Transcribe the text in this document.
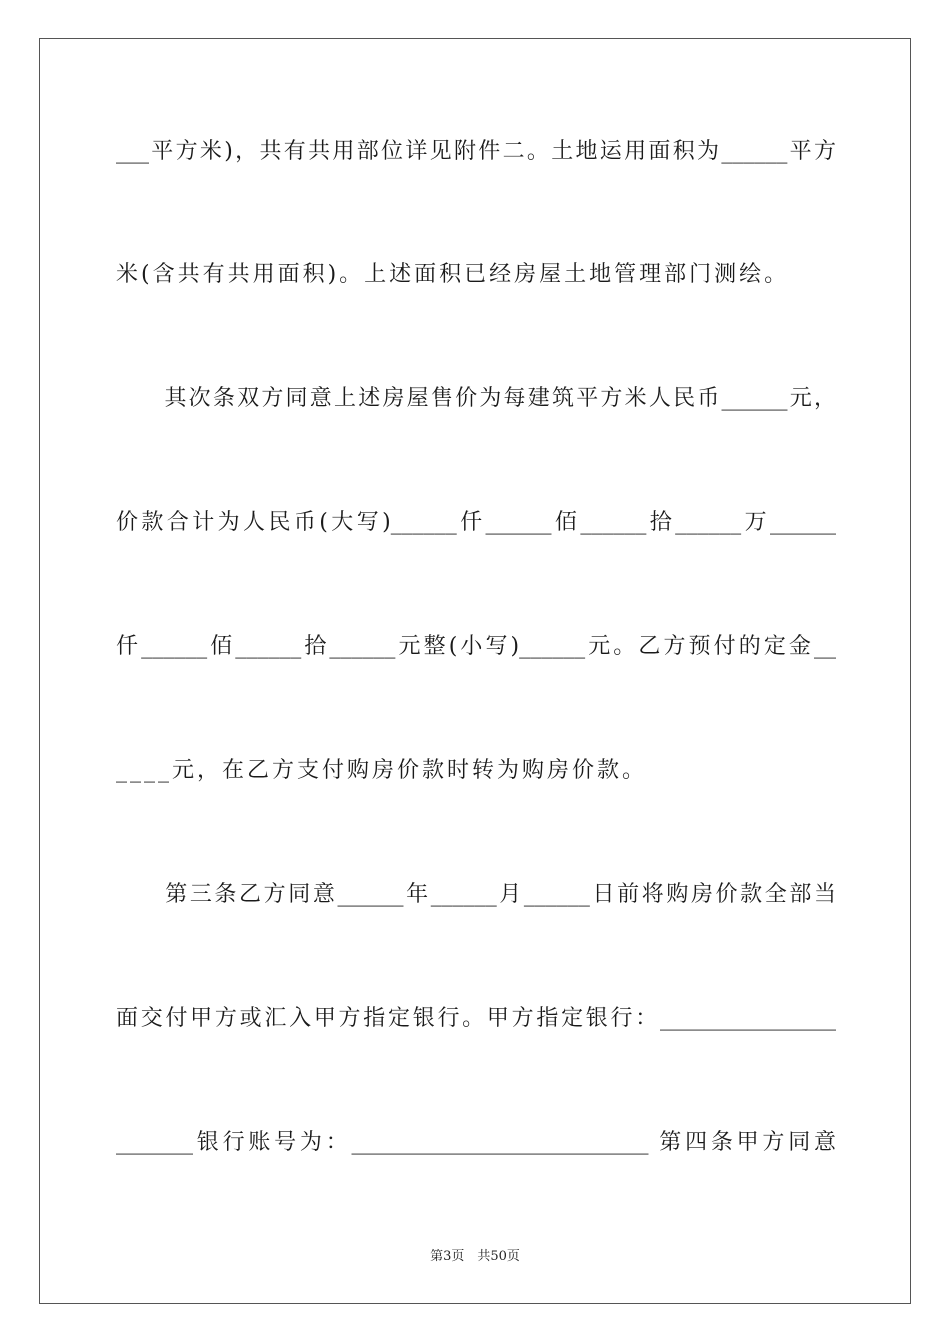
___平方米)，共有共用部位详见附件二。土地运用面积为______平方
米(含共有共用面积)。上述面积已经房屋土地管理部门测绘。
　　其次条双方同意上述房屋售价为每建筑平方米人民币______元，
价款合计为人民币(大写)______仟______佰______拾______万______
仟______佰______拾______元整(小写)______元。乙方预付的定金__
____元，在乙方支付购房价款时转为购房价款。
　　第三条乙方同意______年______月______日前将购房价款全部当
面交付甲方或汇入甲方指定银行。甲方指定银行：________________
_______银行账号为：___________________________ 第四条甲方同意
第3页　共50页
